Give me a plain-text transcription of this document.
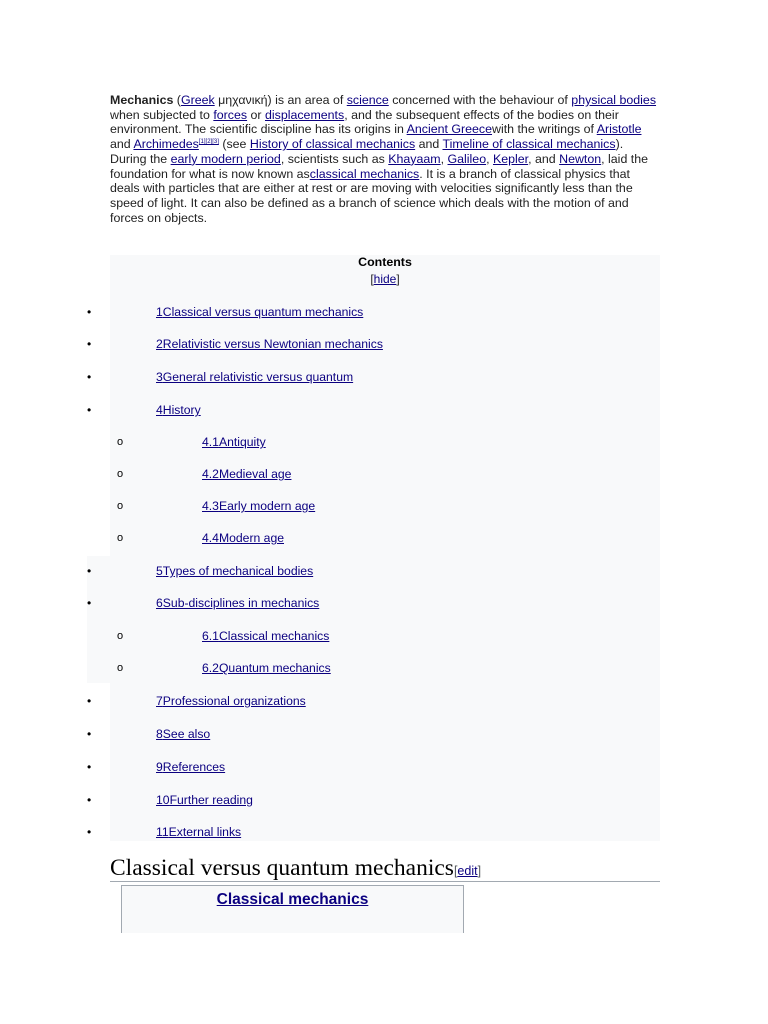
Mechanics (Greek μηχανική) is an area of science concerned with the behaviour of physical bodies when subjected to forces or displacements, and the subsequent effects of the bodies on their environment. The scientific discipline has its origins in Ancient Greecewith the writings of Aristotle and Archimedes[1][2][3] (see History of classical mechanics and Timeline of classical mechanics). During the early modern period, scientists such as Khayaam, Galileo, Kepler, and Newton, laid the foundation for what is now known asclassical mechanics. It is a branch of classical physics that deals with particles that are either at rest or are moving with velocities significantly less than the speed of light. It can also be defined as a branch of science which deals with the motion of and forces on objects.
Contents
[hide]
•	1Classical versus quantum mechanics
•	2Relativistic versus Newtonian mechanics
•	3General relativistic versus quantum
•	4History
o	4.1Antiquity
o	4.2Medieval age
o	4.3Early modern age
o	4.4Modern age
•	5Types of mechanical bodies
•	6Sub-disciplines in mechanics
o	6.1Classical mechanics
o	6.2Quantum mechanics
•	7Professional organizations
•	8See also
•	9References
•	10Further reading
•	11External links
Classical versus quantum mechanics[edit]
Classical mechanics
